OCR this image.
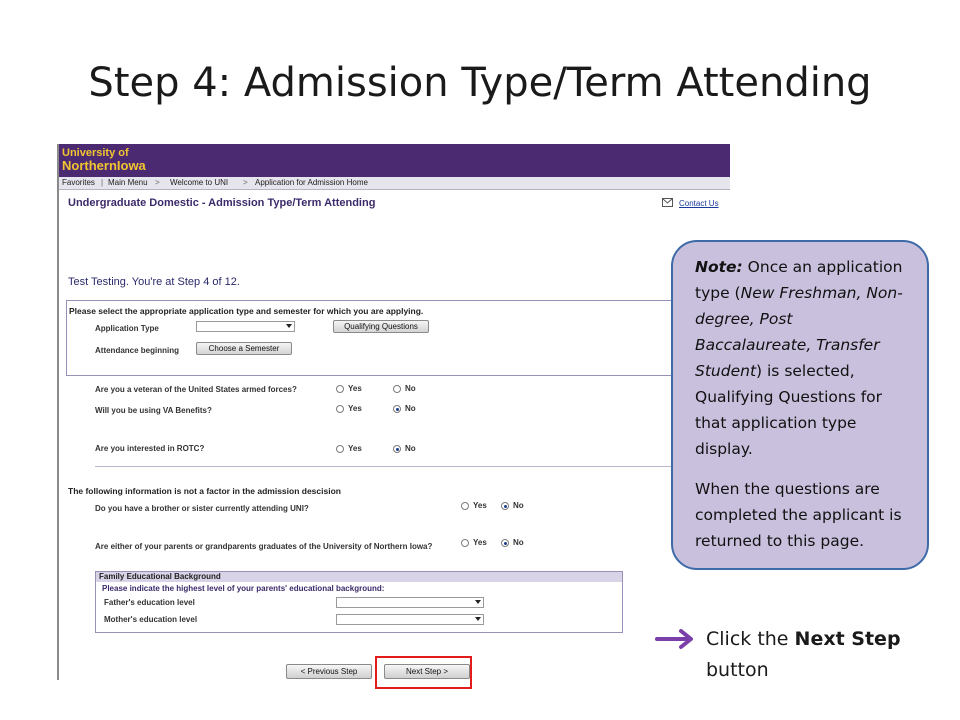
Step 4: Admission Type/Term Attending
University of
NorthernIowa
Favorites | Main Menu > Welcome to UNI > Application for Admission Home
Undergraduate Domestic - Admission Type/Term Attending	Contact Us
Test Testing. You're at Step 4 of 12.
Please select the appropriate application type and semester for which you are applying.
Application Type	Qualifying Questions
Attendance beginning	Choose a Semester
Are you a veteran of the United States armed forces?	Yes	No
Will you be using VA Benefits?	Yes	No
Are you interested in ROTC?	Yes	No
The following information is not a factor in the admission descision
Do you have a brother or sister currently attending UNI?	Yes	No
Are either of your parents or grandparents graduates of the University of Northern Iowa?	Yes	No
Family Educational Background
Please indicate the highest level of your parents' educational background:
Father's education level
Mother's education level
< Previous Step	Next Step >

Note: Once an application type (New Freshman, Non-degree, Post Baccalaureate, Transfer Student) is selected, Qualifying Questions for that application type display.

When the questions are completed the applicant is returned to this page.

Click the Next Step
button
